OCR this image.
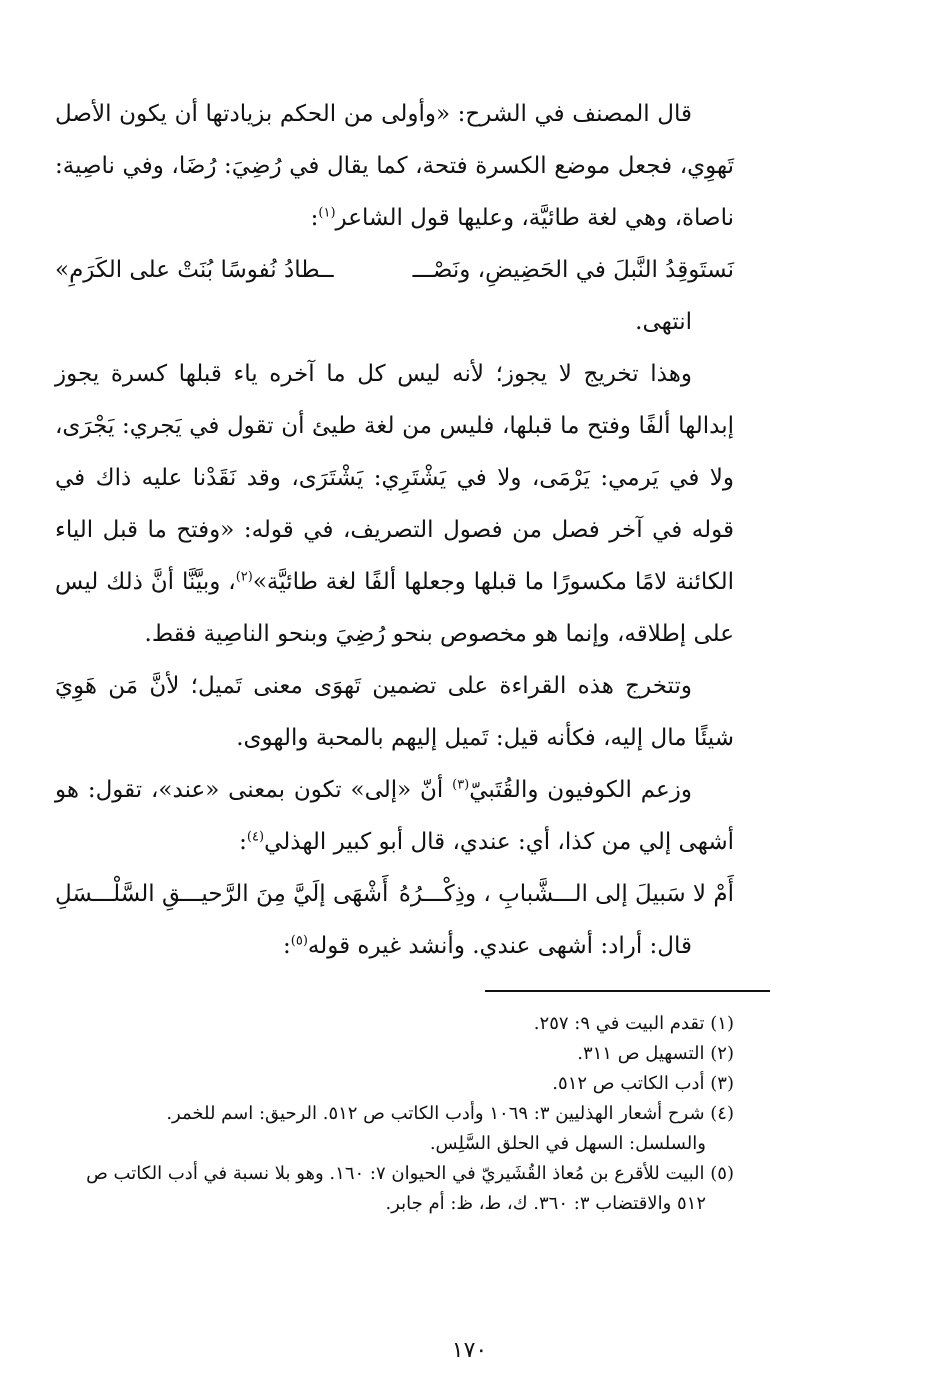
قال المصنف في الشرح: «وأولى من الحكم بزيادتها أن يكون الأصل تَهوِي، فجعل موضع الكسرة فتحة، كما يقال في رُضِيَ: رُضَا، وفي ناصِية: ناصاة، وهي لغة طائيَّة، وعليها قول الشاعر$^{(١)}$:

نَستَوقِدُ النَّبلَ في الحَضِيضِ، ونَصْـــ
ــطادُ نُفوسًا بُنَتْ على الكَرَمِ»

انتهى.

وهذا تخريج لا يجوز؛ لأنه ليس كل ما آخره ياء قبلها كسرة يجوز إبدالها ألفًا وفتح ما قبلها، فليس من لغة طيئ أن تقول في يَجري: يَجْرَى، ولا في يَرمي: يَرْمَى، ولا في يَشْتَرِي: يَشْتَرَى، وقد نَقَدْنا عليه ذاك في قوله في آخر فصل من فصول التصريف، في قوله: «وفتح ما قبل الياء الكائنة لامًا مكسورًا ما قبلها وجعلها ألفًا لغة طائيَّة»$^{(٢)}$، وبيَّنَّا أنَّ ذلك ليس على إطلاقه، وإنما هو مخصوص بنحو رُضِيَ وبنحو الناصِية فقط.

وتتخرج هذه القراءة على تضمين تَهوَى معنى تَميل؛ لأنَّ مَن هَوِيَ شيئًا مال إليه، فكأنه قيل: تَميل إليهم بالمحبة والهوى.

وزعم الكوفيون والقُتَبيّ$^{(٣)}$ أنّ «إلى» تكون بمعنى «عند»، تقول: هو أشهى إلي من كذا، أي: عندي، قال أبو كبير الهذلي$^{(٤)}$:

أَمْ لا سَبيلَ إلى الـــشَّبابِ ، وذِكْـــرُهُ
أَشْهَى إلَيَّ مِنَ الرَّحيـــقِ السَّلْـــسَلِ

قال: أراد: أشهى عندي. وأنشد غيره قوله$^{(٥)}$:

(١) تقدم البيت في ٩: ٢٥٧.

(٢) التسهيل ص ٣١١.

(٣) أدب الكاتب ص ٥١٢.

(٤) شرح أشعار الهذليين ٣: ١٠٦٩ وأدب الكاتب ص ٥١٢. الرحيق: اسم للخمر.

والسلسل: السهل في الحلق السَّلِس.

(٥) البيت للأقرع بن مُعاذ القُشَيريّ في الحيوان ٧: ١٦٠. وهو بلا نسبة في أدب الكاتب ص

٥١٢ والاقتضاب ٣: ٣٦٠. ك، ط، ظ: أم جابر.

١٧٠
